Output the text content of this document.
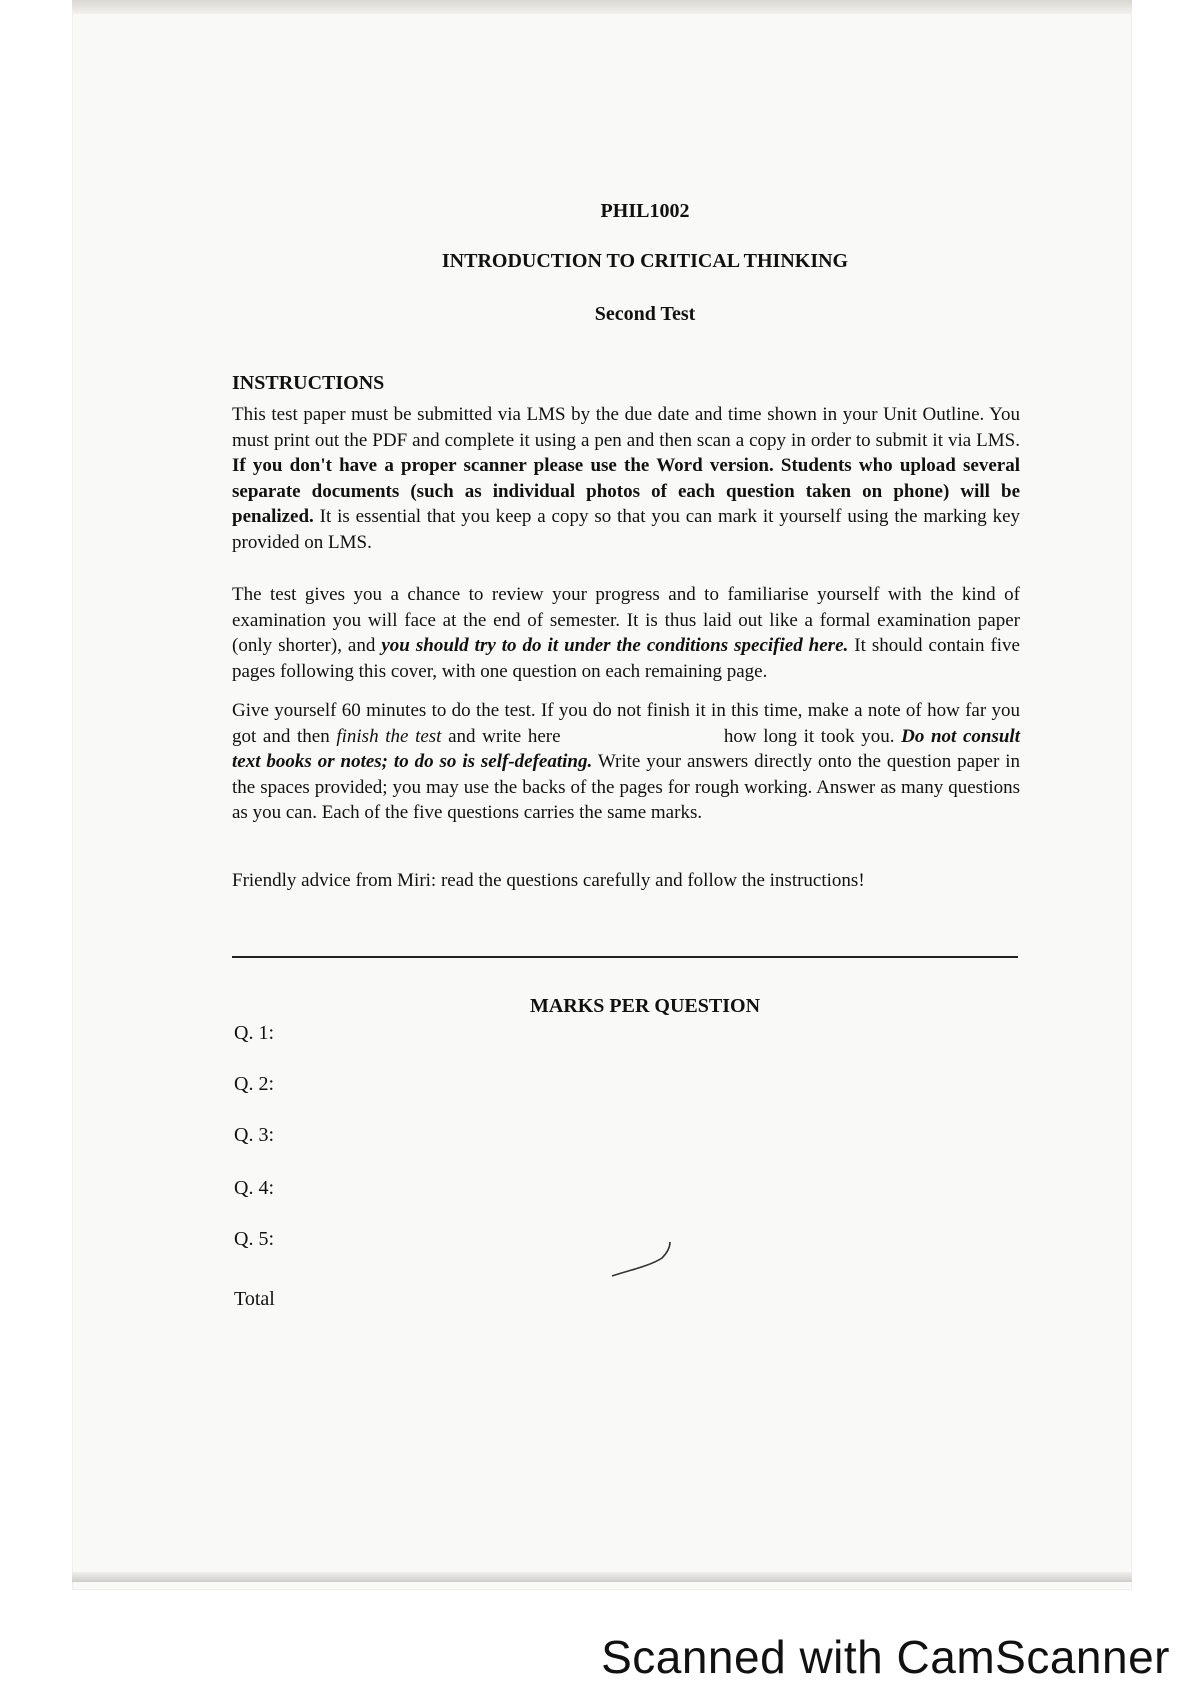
PHIL1002
INTRODUCTION TO CRITICAL THINKING
Second Test
INSTRUCTIONS
This test paper must be submitted via LMS by the due date and time shown in your Unit Outline. You must print out the PDF and complete it using a pen and then scan a copy in order to submit it via LMS. If you don't have a proper scanner please use the Word version. Students who upload several separate documents (such as individual photos of each question taken on phone) will be penalized. It is essential that you keep a copy so that you can mark it yourself using the marking key provided on LMS.
The test gives you a chance to review your progress and to familiarise yourself with the kind of examination you will face at the end of semester. It is thus laid out like a formal examination paper (only shorter), and you should try to do it under the conditions specified here. It should contain five pages following this cover, with one question on each remaining page.
Give yourself 60 minutes to do the test. If you do not finish it in this time, make a note of how far you got and then finish the test and write here	how long it took you. Do not consult text books or notes; to do so is self-defeating. Write your answers directly onto the question paper in the spaces provided; you may use the backs of the pages for rough working. Answer as many questions as you can. Each of the five questions carries the same marks.
Friendly advice from Miri: read the questions carefully and follow the instructions!
MARKS PER QUESTION
Q. 1:
Q. 2:
Q. 3:
Q. 4:
Q. 5:
Total
Scanned with CamScanner
